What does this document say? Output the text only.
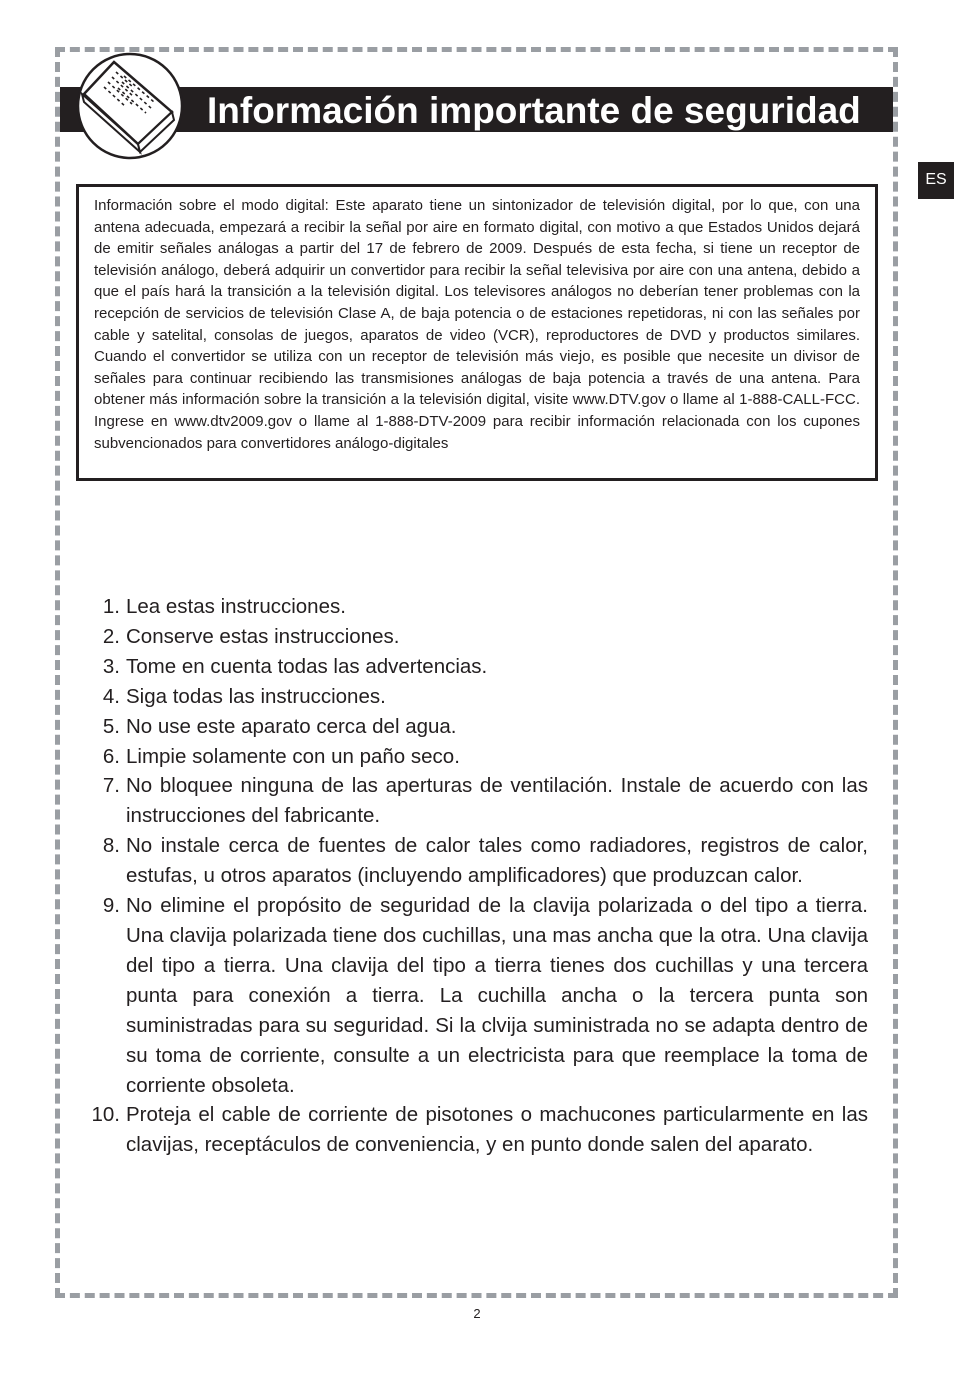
Información importante de seguridad
ES

Información sobre el modo digital: Este aparato tiene un sintonizador de televisión digital, por lo que, con una antena adecuada, empezará a recibir la señal por aire en formato digital, con motivo a que Estados Unidos dejará de emitir señales análogas a partir del 17 de febrero de 2009. Después de esta fecha, si tiene un receptor de televisión análogo, deberá adquirir un convertidor para recibir la señal televisiva por aire con una antena, debido a que el país hará la transición a la televisión digital. Los televisores análogos no deberían tener problemas con la recepción de servicios de televisión Clase A, de baja potencia o de estaciones repetidoras, ni con las señales por cable y satelital, consolas de juegos, aparatos de video (VCR), reproductores de DVD y productos similares. Cuando el convertidor se utiliza con un receptor de televisión más viejo, es posible que necesite un divisor de señales para continuar recibiendo las transmisiones análogas de baja potencia a través de una antena. Para obtener más información sobre la transición a la televisión digital, visite www.DTV.gov o llame al 1-888-CALL-FCC. Ingrese en www.dtv2009.gov o llame al 1-888-DTV-2009 para recibir información relacionada con los cupones subvencionados para convertidores análogo-digitales

1. Lea estas instrucciones.
2. Conserve estas instrucciones.
3. Tome en cuenta todas las advertencias.
4. Siga todas las instrucciones.
5. No use este aparato cerca del agua.
6. Limpie solamente con un paño seco.
7. No bloquee ninguna de las aperturas de ventilación. Instale de acuerdo con las instrucciones del fabricante.
8. No instale cerca de fuentes de calor tales como radiadores, registros de calor, estufas, u otros aparatos (incluyendo amplificadores) que produzcan calor.
9. No elimine el propósito de seguridad de la clavija polarizada o del tipo a tierra. Una clavija polarizada tiene dos cuchillas, una mas ancha que la otra. Una clavija del tipo a tierra. Una clavija del tipo a tierra tienes dos cuchillas y una tercera punta para conexión a tierra. La cuchilla ancha o la tercera punta son suministradas para su seguridad. Si la clvija suministrada no se adapta dentro de su toma de corriente, consulte a un electricista para que reemplace la toma de corriente obsoleta.
10. Proteja el cable de corriente de pisotones o machucones particularmente en las clavijas, receptáculos de conveniencia, y en punto donde salen del aparato.
2
